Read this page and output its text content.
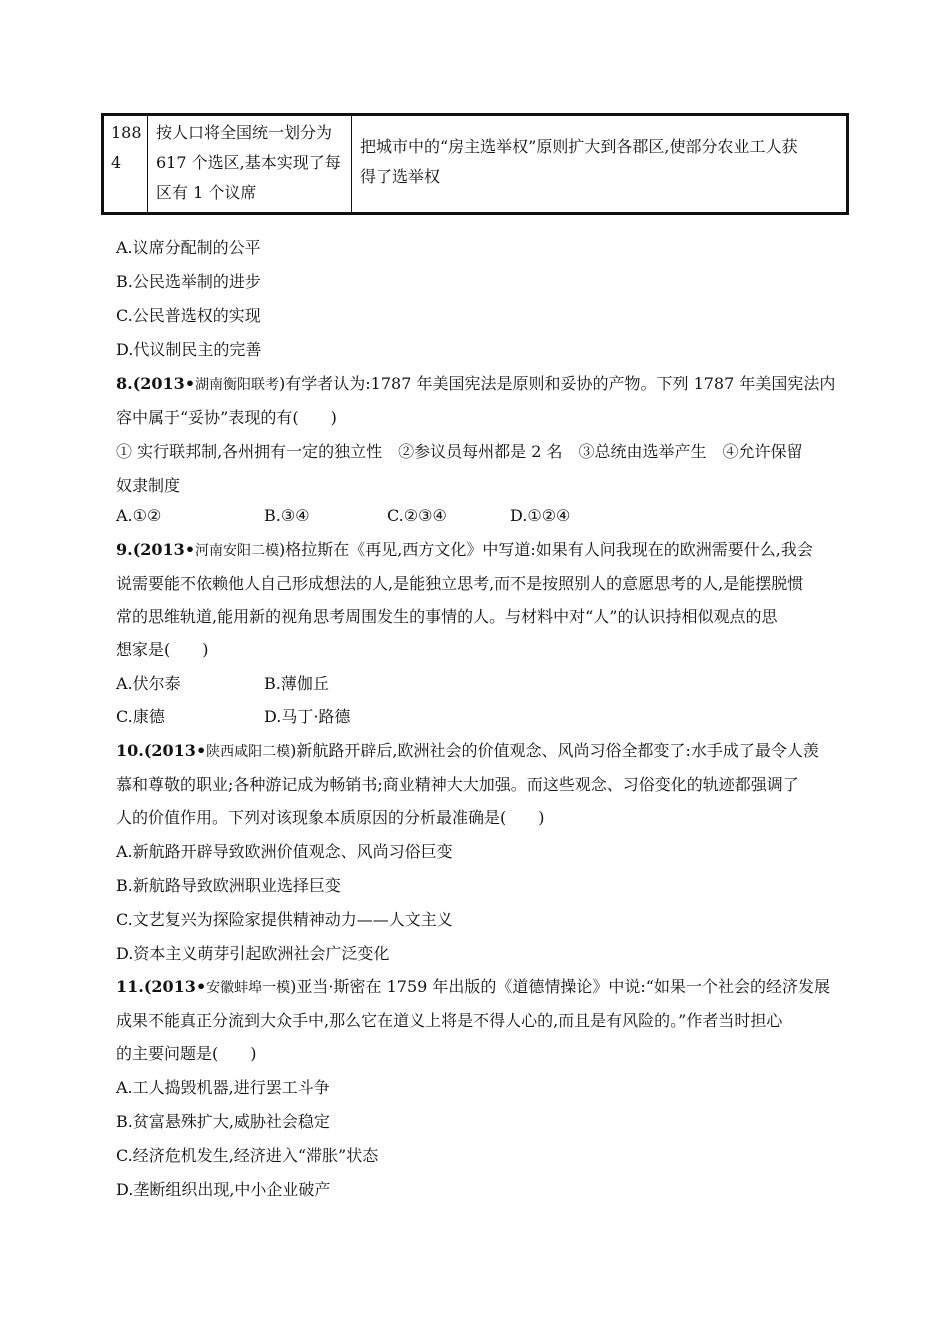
188
4

按人口将全国统一划分为
617 个选区,基本实现了每
区有 1 个议席

把城市中的“房主选举权”原则扩大到各郡区,使部分农业工人获
得了选举权
A.议席分配制的公平
B.公民选举制的进步
C.公民普选权的实现
D.代议制民主的完善
8.(2013•湖南衡阳联考)有学者认为:1787 年美国宪法是原则和妥协的产物。下列 1787 年美国宪法内
容中属于“妥协”表现的有(　　)
① 实行联邦制,各州拥有一定的独立性　②参议员每州都是 2 名　③总统由选举产生　④允许保留
奴隶制度
A.①②	B.③④	C.②③④	D.①②④
9.(2013•河南安阳二模)格拉斯在《再见,西方文化》中写道:如果有人问我现在的欧洲需要什么,我会
说需要能不依赖他人自己形成想法的人,是能独立思考,而不是按照别人的意愿思考的人,是能摆脱惯
常的思维轨道,能用新的视角思考周围发生的事情的人。与材料中对“人”的认识持相似观点的思
想家是(　　)
A.伏尔泰	B.薄伽丘
C.康德	D.马丁·路德
10.(2013•陕西咸阳二模)新航路开辟后,欧洲社会的价值观念、风尚习俗全都变了:水手成了最令人羡
慕和尊敬的职业;各种游记成为畅销书;商业精神大大加强。而这些观念、习俗变化的轨迹都强调了
人的价值作用。下列对该现象本质原因的分析最准确是(　　)
A.新航路开辟导致欧洲价值观念、风尚习俗巨变
B.新航路导致欧洲职业选择巨变
C.文艺复兴为探险家提供精神动力——人文主义
D.资本主义萌芽引起欧洲社会广泛变化
11.(2013•安徽蚌埠一模)亚当·斯密在 1759 年出版的《道德情操论》中说:“如果一个社会的经济发展
成果不能真正分流到大众手中,那么它在道义上将是不得人心的,而且是有风险的。”作者当时担心
的主要问题是(　　)
A.工人捣毁机器,进行罢工斗争
B.贫富悬殊扩大,威胁社会稳定
C.经济危机发生,经济进入“滞胀”状态
D.垄断组织出现,中小企业破产
